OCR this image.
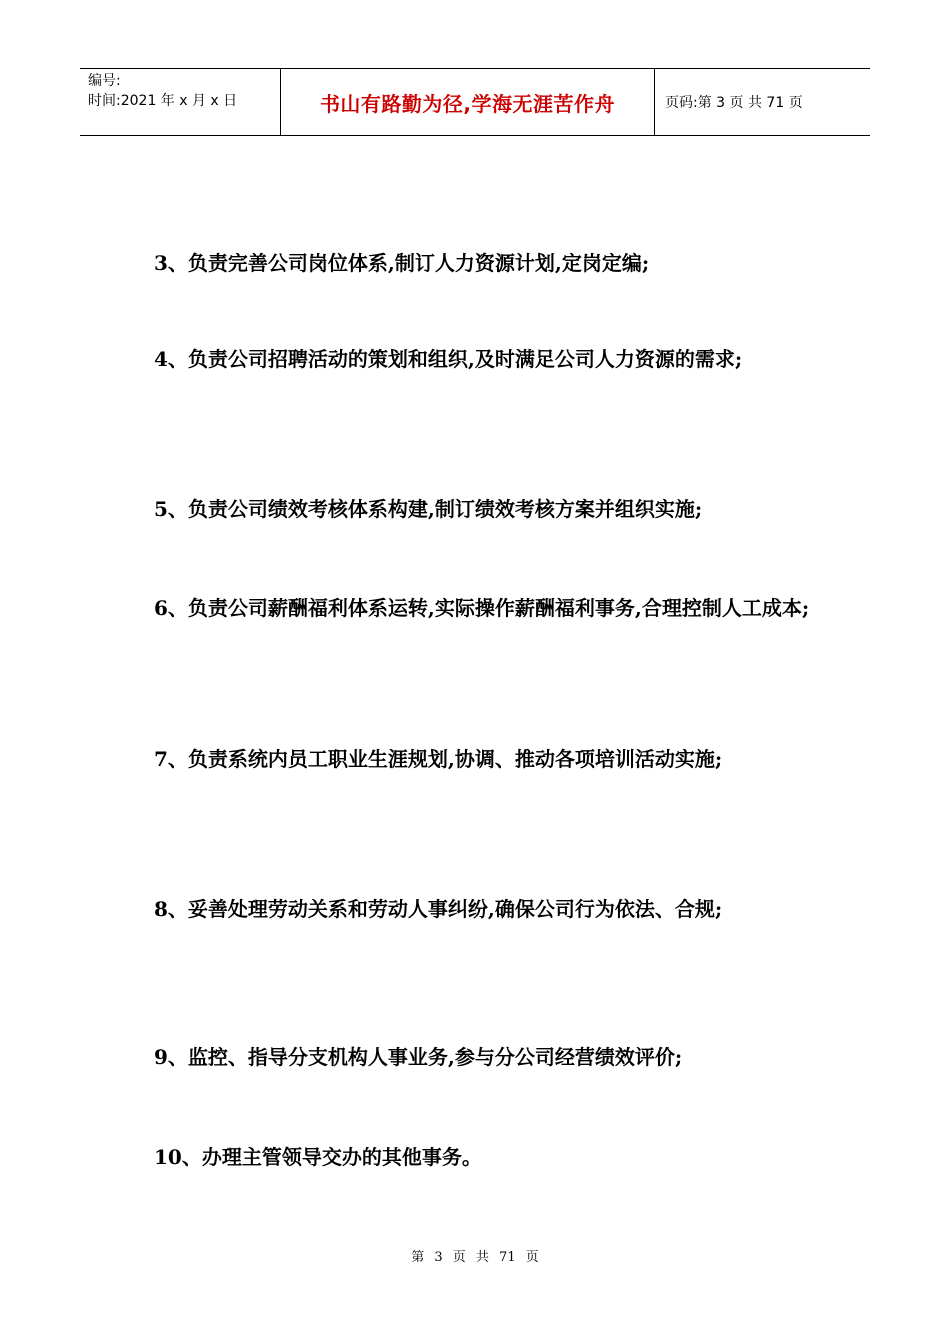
编号:
时间:2021 年 x 月 x 日	书山有路勤为径,学海无涯苦作舟	页码:第 3 页 共 71 页

3、负责完善公司岗位体系,制订人力资源计划,定岗定编;

4、负责公司招聘活动的策划和组织,及时满足公司人力资源的需求;

5、负责公司绩效考核体系构建,制订绩效考核方案并组织实施;

6、负责公司薪酬福利体系运转,实际操作薪酬福利事务,合理控制人工成本;

7、负责系统内员工职业生涯规划,协调、推动各项培训活动实施;

8、妥善处理劳动关系和劳动人事纠纷,确保公司行为依法、合规;

9、监控、指导分支机构人事业务,参与分公司经营绩效评价;

10、办理主管领导交办的其他事务。

第 3 页 共 71 页
